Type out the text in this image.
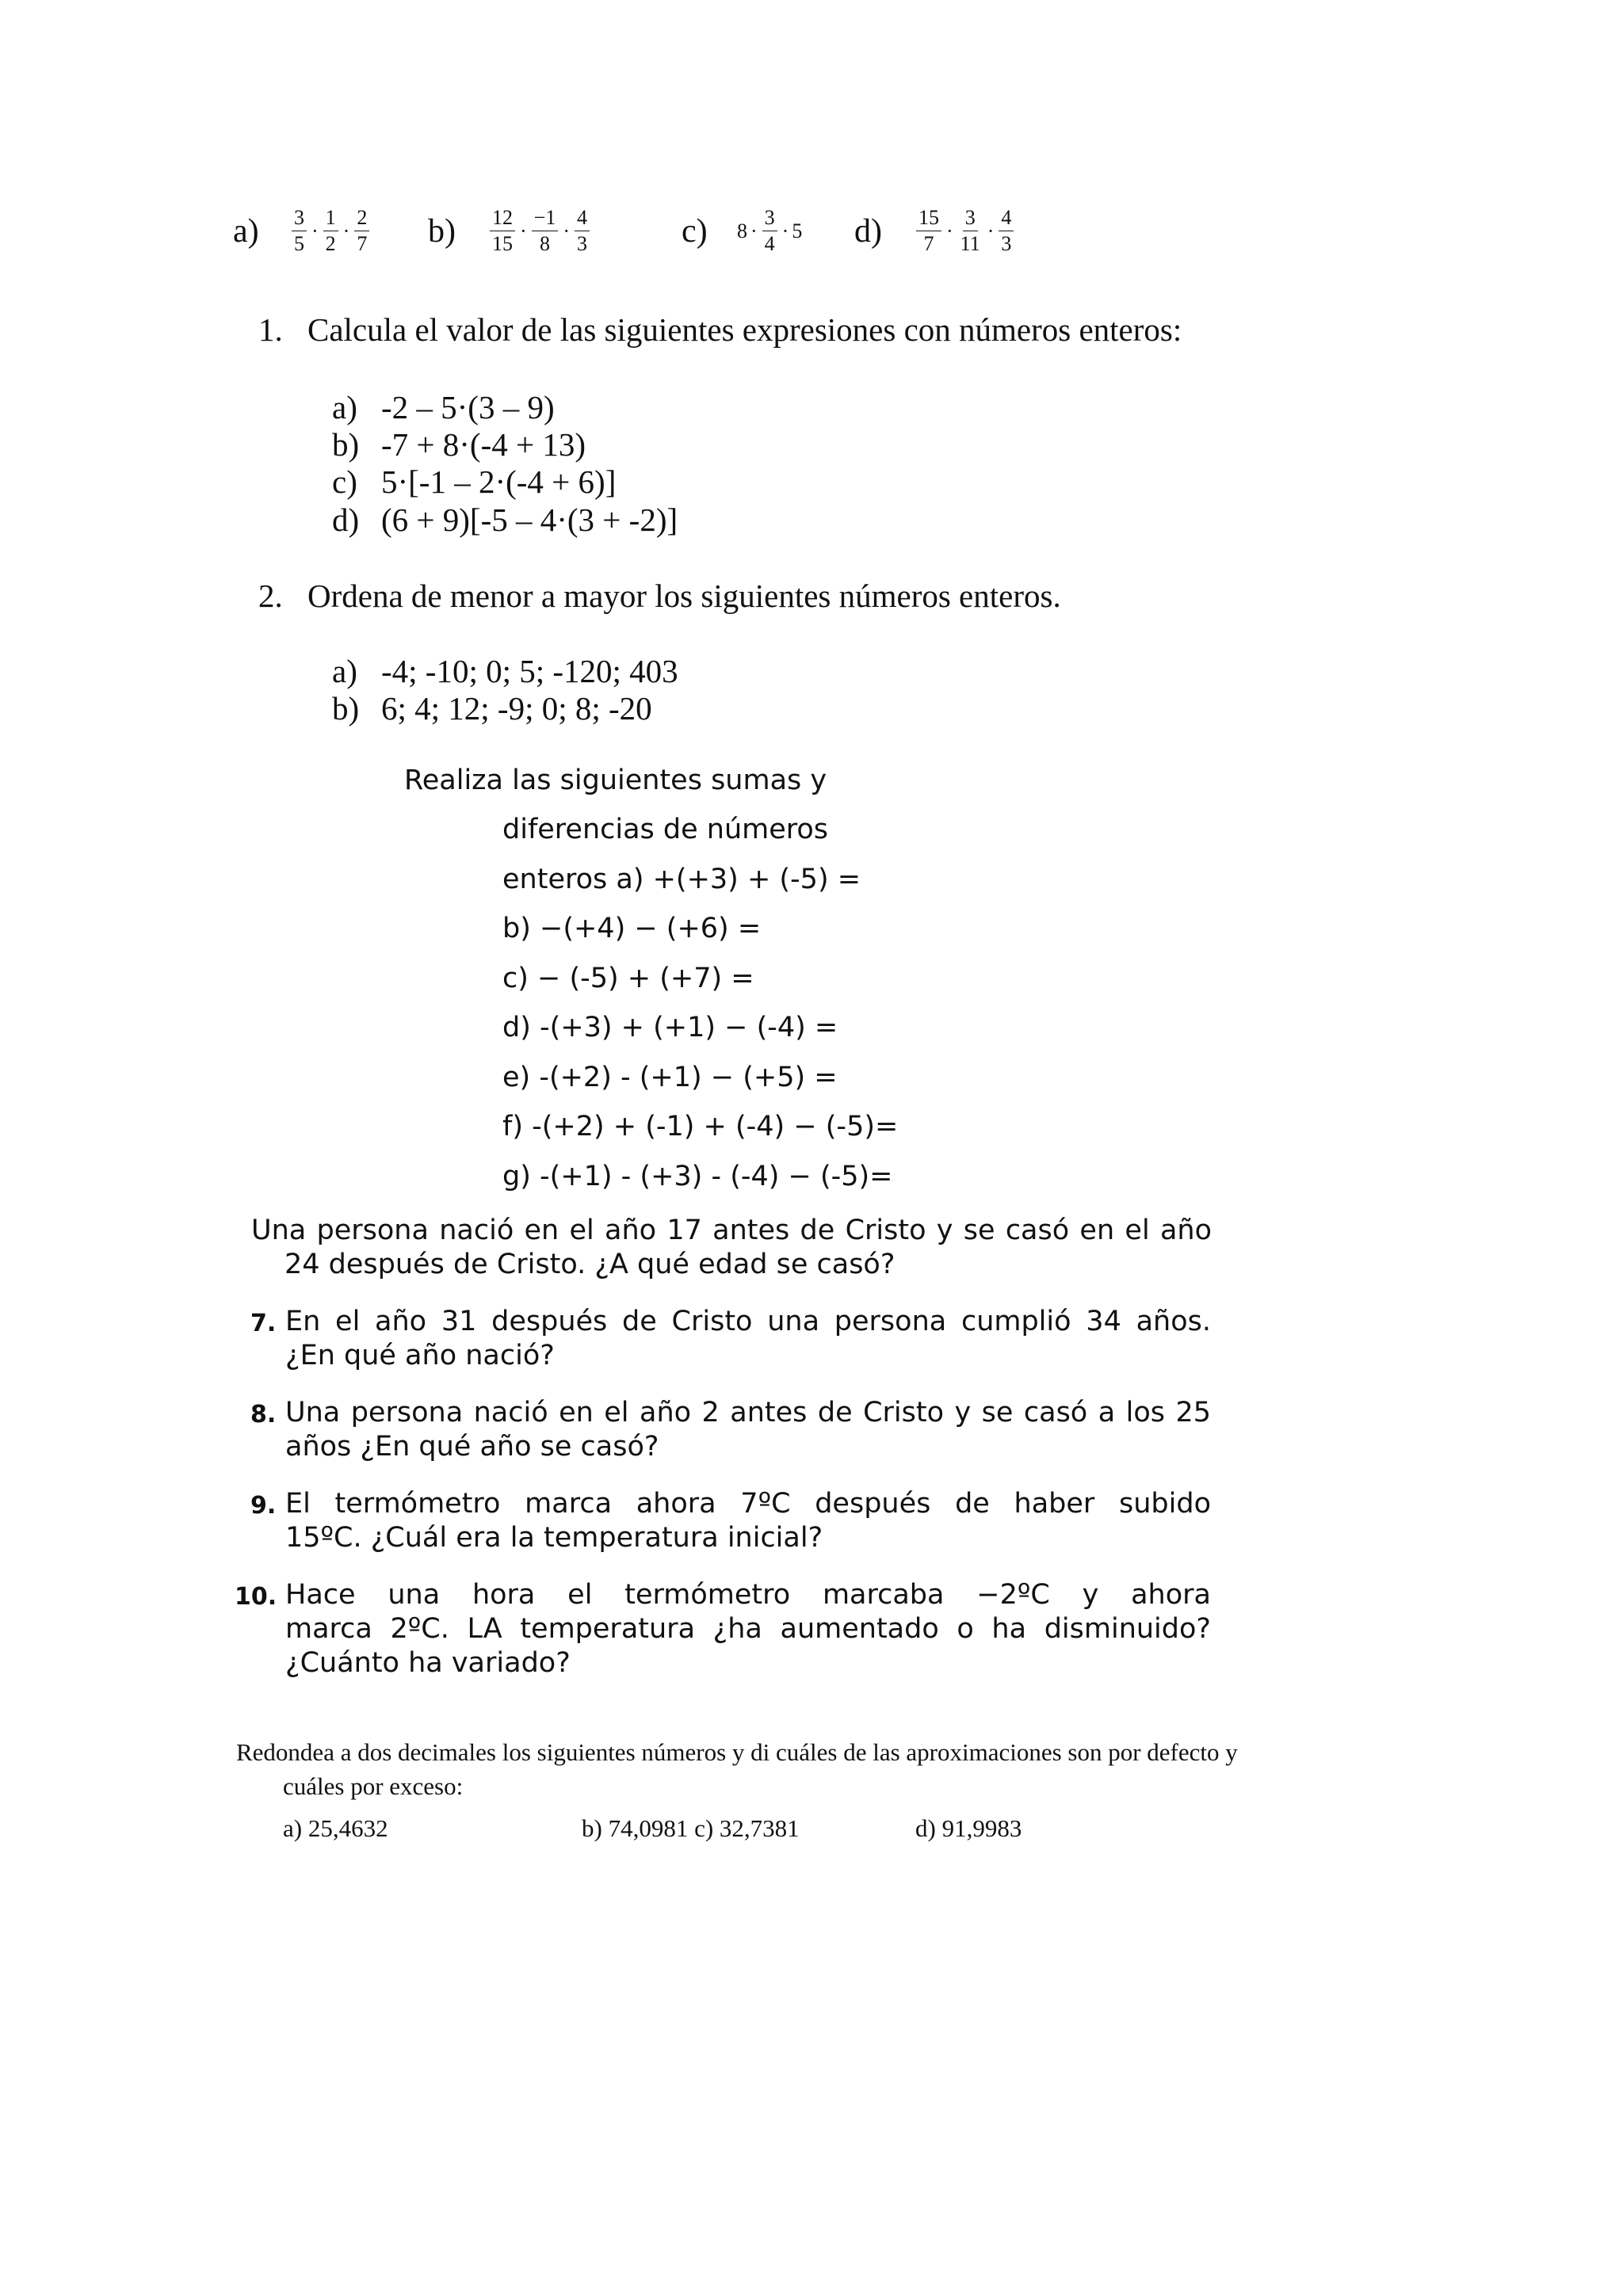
$a) \frac{3}{5} \cdot \frac{1}{2} \cdot \frac{2}{7} b) \frac{12}{15} \cdot \frac{-1}{8} \cdot \frac{4}{3}$	c) $8 \cdot \frac{3}{4} \cdot 5$ $d) \frac{15}{7} \cdot \frac{3}{11} \cdot \frac{4}{3}$
1. Calcula el valor de las siguientes expresiones con números enteros:
a) -2 – 5·(3 – 9)
b) -7 + 8·(-4 + 13)
c) 5·[-1 – 2·(-4 + 6)]
d) (6 + 9)[-5 – 4·(3 + -2)]
2. Ordena de menor a mayor los siguientes números enteros.
a) -4; -10; 0; 5; -120; 403
b) 6; 4; 12; -9; 0; 8; -20
Realiza las siguientes sumas y
diferencias de números
enteros a) +(+3) + (-5) =
b) −(+4) − (+6) =
c) − (-5) + (+7) =
d) -(+3) + (+1) − (-4) =
e) -(+2) - (+1) − (+5) =
f) -(+2) + (-1) + (-4) − (-5)=
g) -(+1) - (+3) - (-4) − (-5)=
Una persona nació en el año 17 antes de Cristo y se casó en el año
24 después de Cristo. ¿A qué edad se casó?
7. En el año 31 después de Cristo una persona cumplió 34 años.
¿En qué año nació?
8. Una persona nació en el año 2 antes de Cristo y se casó a los 25
años ¿En qué año se casó?
9. El termómetro marca ahora 7ºC después de haber subido
15ºC. ¿Cuál era la temperatura inicial?
10. Hace una hora el termómetro marcaba −2ºC y ahora
marca 2ºC. LA temperatura ¿ha aumentado o ha disminuido?
¿Cuánto ha variado?
Redondea a dos decimales los siguientes números y di cuáles de las aproximaciones son por defecto y
cuáles por exceso:
a) 25,4632	b) 74,0981 c) 32,7381	d) 91,9983
